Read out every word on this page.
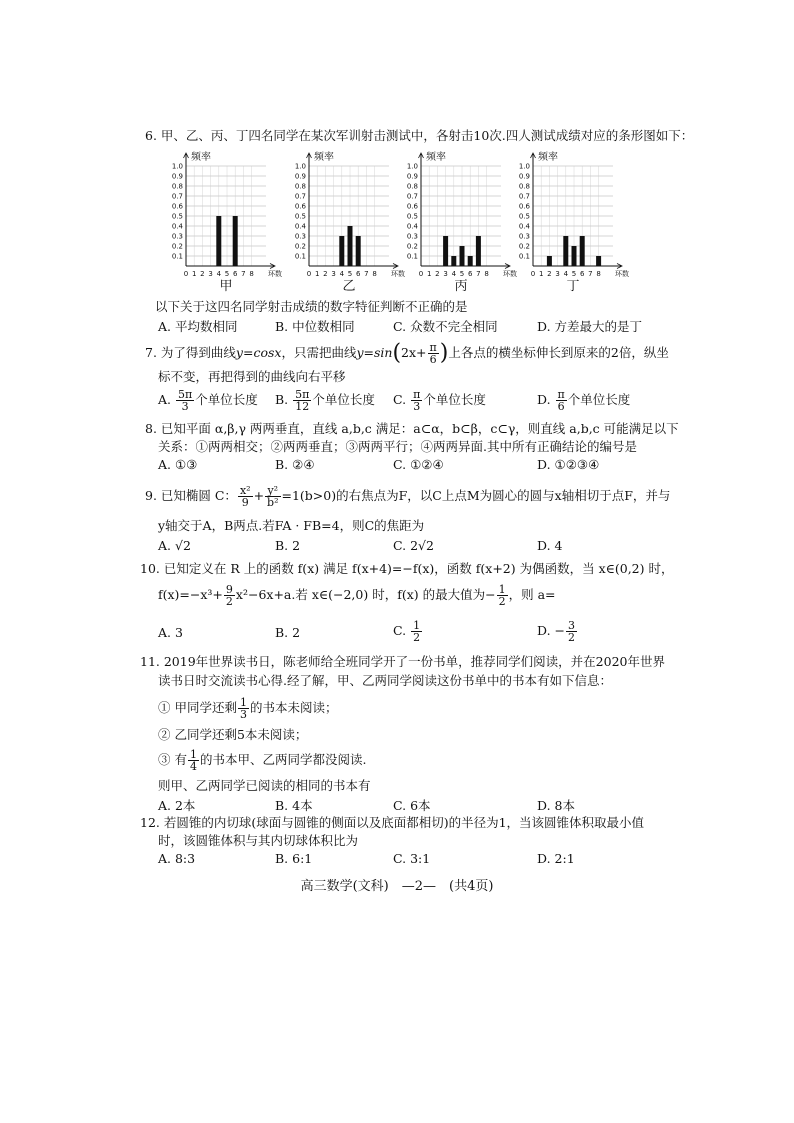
6. 甲、乙、丙、丁四名同学在某次军训射击测试中，各射击10次.四人测试成绩对应的条形图如下：
0.1
0.2
0.3
0.4
0.5
0.6
0.7
0.8
0.9
1.0
频率
0 1 2 3 4 5 6 7 8 环数
甲
0.1
0.2
0.3
0.4
0.5
0.6
0.7
0.8
0.9
1.0
频率
0 1 2 3 4 5 6 7 8 环数
乙
0.1
0.2
0.3
0.4
0.5
0.6
0.7
0.8
0.9
1.0
频率
0 1 2 3 4 5 6 7 8 环数
丙
0.1
0.2
0.3
0.4
0.5
0.6
0.7
0.8
0.9
1.0
频率
0 1 2 3 4 5 6 7 8 环数
丁
以下关于这四名同学射击成绩的数字特征判断不正确的是
A. 平均数相同	B. 中位数相同	C. 众数不完全相同	D. 方差最大的是丁
7. 为了得到曲线y=cosx，只需把曲线$y=\sin(2x+ \frac{\pi}{6}$ )上各点的横坐标伸长到原来的2倍，纵坐
标不变，再把得到的曲线向右平移
A. $\frac{5\pi}{3}$ 个单位长度 B. $\frac{5\pi}{12}$ 个单位长度 C. $\frac{\pi}{3}$ 个单位长度	D. $\frac{\pi}{6}$ 个单位长度
8. 已知平面 α,β,γ 两两垂直，直线 a,b,c 满足：a⊂α，b⊂β，c⊂γ，则直线 a,b,c 可能满足以下
关系：①两两相交；②两两垂直；③两两平行；④两两异面.其中所有正确结论的编号是
A. ①③	B. ②④	C. ①②④	D. ①②③④
9. 已知椭圆 C： $\frac{\text{x²}}{9} + \frac{\text{y²}}{\text{b²}} =1(b>0)$的右焦点为F，以C上点M为圆心的圆与x轴相切于点F，并与
y轴交于A，B两点.若FA · FB=4，则C的焦距为
A. √2	B. 2	C. 2√2	D. 4
10. 已知定义在 R 上的函数 f(x) 满足 f(x+4)=−f(x)，函数 f(x+2) 为偶函数，当 x∈(0,2) 时，
$f(x)=-x^3+ \frac{9}{2} x^2-6x+a$.若 x∈(−2,0) 时，f(x) 的最大值为− $\frac{1}{2}$ ，则 a=
A. 3	B. 2	C. $\frac{1}{2}$	D. − $\frac{3}{2}$
11. 2019年世界读书日，陈老师给全班同学开了一份书单，推荐同学们阅读，并在2020年世界
读书日时交流读书心得.经了解，甲、乙两同学阅读这份书单中的书本有如下信息：
① 甲同学还剩 $\frac{1}{3}$ 的书本未阅读；
② 乙同学还剩5本未阅读；
③ 有 $\frac{1}{4}$ 的书本甲、乙两同学都没阅读.
则甲、乙两同学已阅读的相同的书本有
A. 2本	B. 4本	C. 6本	D. 8本
12. 若圆锥的内切球(球面与圆锥的侧面以及底面都相切)的半径为1，当该圆锥体积取最小值
时，该圆锥体积与其内切球体积比为
A. 8:3	B. 6:1	C. 3:1	D. 2:1
高三数学(文科)　—2—　(共4页)
